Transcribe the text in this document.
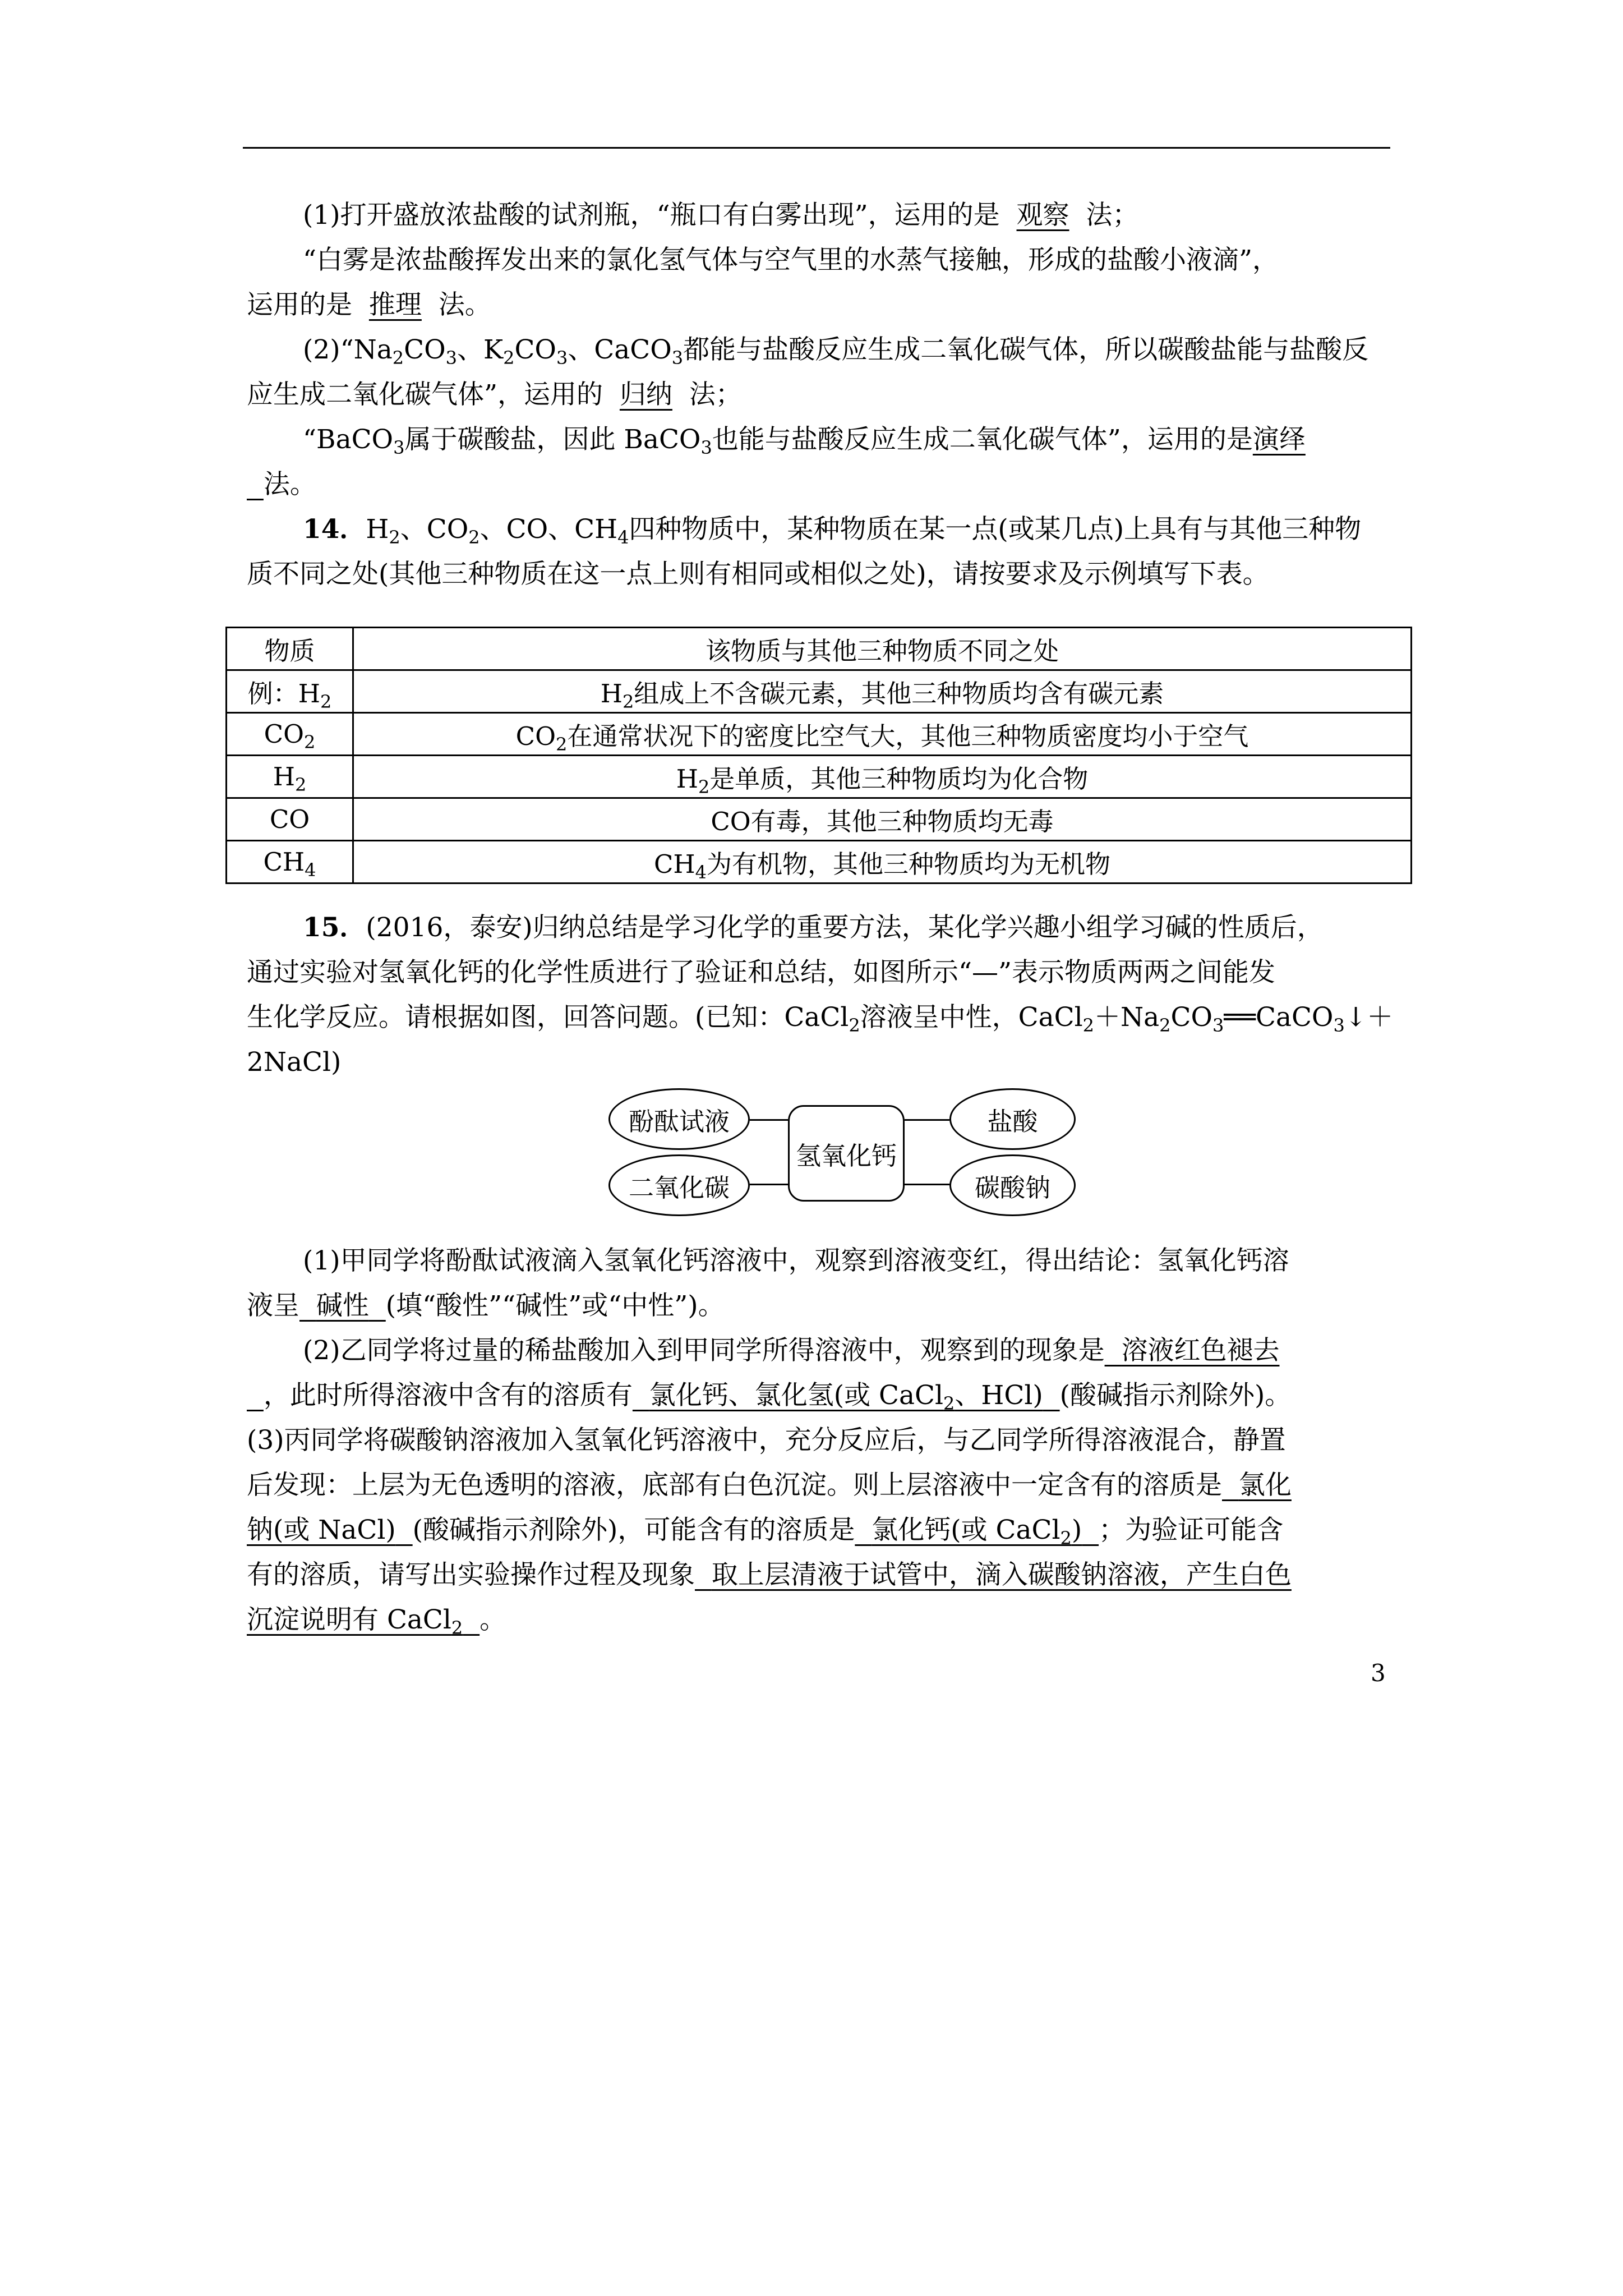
(1)打开盛放浓盐酸的试剂瓶，“瓶口有白雾出现”，运用的是 观察 法；
“白雾是浓盐酸挥发出来的氯化氢气体与空气里的水蒸气接触，形成的盐酸小液滴”，
运用的是 推理 法。
$(2)“Na_2CO_3$、$K_2CO_3$、CaCO$_3$都能与盐酸反应生成二氧化碳气体，所以碳酸盐能与盐酸反
应生成二氧化碳气体”，运用的 归纳 法；
“BaCO$_3$属于碳酸盐，因此 BaCO$_3$也能与盐酸反应生成二氧化碳气体”，运用的是演绎
法。
14．$H_2$、$CO_2$、CO、$CH_4$四种物质中，某种物质在某一点(或某几点)上具有与其他三种物
质不同之处(其他三种物质在这一点上则有相同或相似之处)，请按要求及示例填写下表。
物质	该物质与其他三种物质不同之处
例：$H_2$	$H_2$组成上不含碳元素，其他三种物质均含有碳元素
$CO_2$	$CO_2$在通常状况下的密度比空气大，其他三种物质密度均小于空气
$H_2$	$H_2$是单质，其他三种物质均为化合物
CO	CO有毒，其他三种物质均无毒
$CH_4$	$CH_4$为有机物，其他三种物质均为无机物
15．(2016，泰安)归纳总结是学习化学的重要方法，某化学兴趣小组学习碱的性质后，
通过实验对氢氧化钙的化学性质进行了验证和总结，如图所示“—”表示物质两两之间能发
生化学反应。请根据如图，回答问题。(已知：CaCl$_2$溶液呈中性，$CaCl_2+Na_2CO_3══CaCO_3↓+$
2NaCl)
酚酞试液
二氧化碳
氢氧化钙
盐酸
碳酸钠
(1)甲同学将酚酞试液滴入氢氧化钙溶液中，观察到溶液变红，得出结论：氢氧化钙溶
液呈 碱性 (填“酸性”“碱性”或“中性”)。
(2)乙同学将过量的稀盐酸加入到甲同学所得溶液中，观察到的现象是 溶液红色褪去
，此时所得溶液中含有的溶质有 氯化钙、氯化氢(或 CaCl$_2$、HCl) (酸碱指示剂除外)。
(3)丙同学将碳酸钠溶液加入氢氧化钙溶液中，充分反应后，与乙同学所得溶液混合，静置
后发现：上层为无色透明的溶液，底部有白色沉淀。则上层溶液中一定含有的溶质是 氯化
钠(或 NaCl) (酸碱指示剂除外)，可能含有的溶质是 氯化钙(或 CaCl$_2$) ；为验证可能含
有的溶质，请写出实验操作过程及现象 取上层清液于试管中，滴入碳酸钠溶液，产生白色
沉淀说明有 CaCl$_2$ 。
3
